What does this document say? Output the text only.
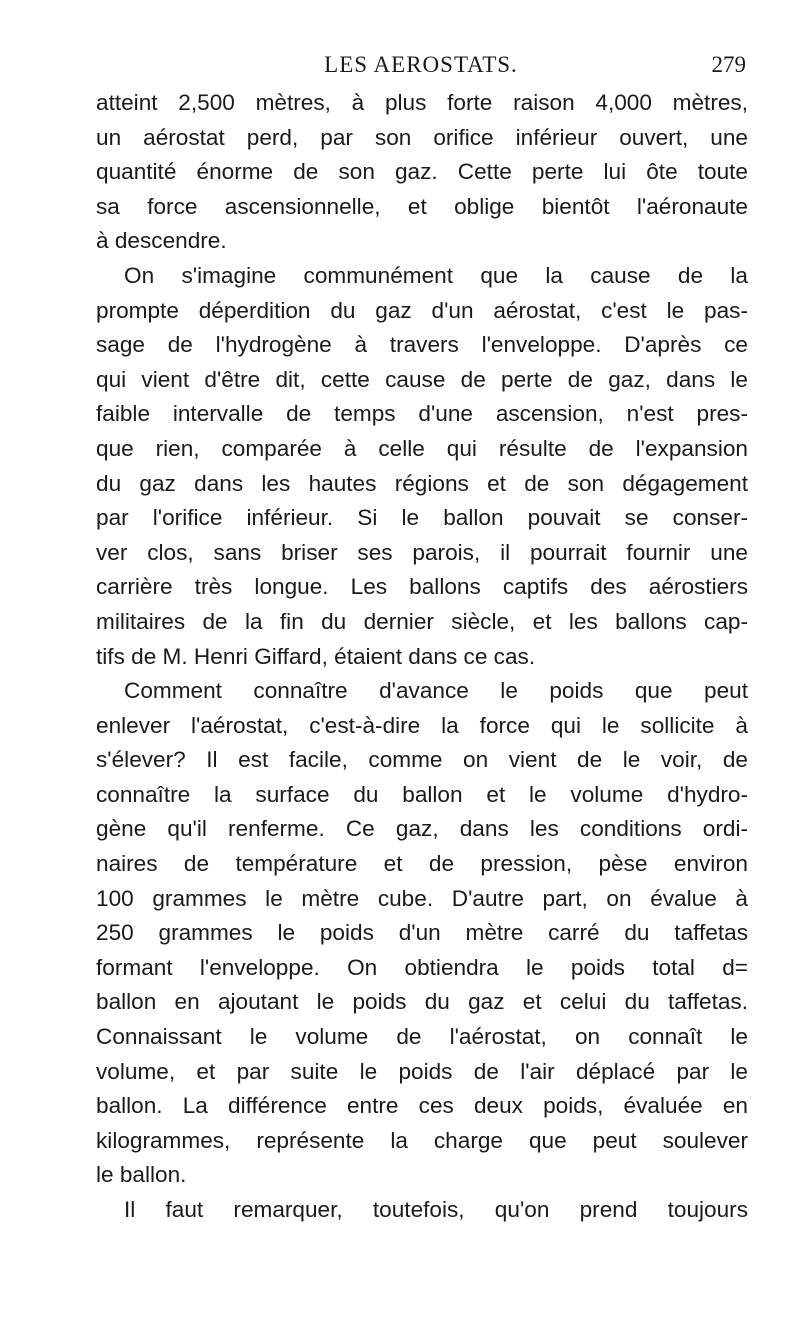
LES AEROSTATS.	279
atteint 2,500 mètres, à plus forte raison 4,000 mètres,
un aérostat perd, par son orifice inférieur ouvert, une
quantité énorme de son gaz. Cette perte lui ôte toute
sa force ascensionnelle, et oblige bientôt l'aéronaute
à descendre.
On s'imagine communément que la cause de la
prompte déperdition du gaz d'un aérostat, c'est le pas-
sage de l'hydrogène à travers l'enveloppe. D'après ce
qui vient d'être dit, cette cause de perte de gaz, dans le
faible intervalle de temps d'une ascension, n'est pres-
que rien, comparée à celle qui résulte de l'expansion
du gaz dans les hautes régions et de son dégagement
par l'orifice inférieur. Si le ballon pouvait se conser-
ver clos, sans briser ses parois, il pourrait fournir une
carrière très longue. Les ballons captifs des aérostiers
militaires de la fin du dernier siècle, et les ballons cap-
tifs de M. Henri Giffard, étaient dans ce cas.
Comment connaître d'avance le poids que peut
enlever l'aérostat, c'est-à-dire la force qui le sollicite à
s'élever? Il est facile, comme on vient de le voir, de
connaître la surface du ballon et le volume d'hydro-
gène qu'il renferme. Ce gaz, dans les conditions ordi-
naires de température et de pression, pèse environ
100 grammes le mètre cube. D'autre part, on évalue à
250 grammes le poids d'un mètre carré du taffetas
formant l'enveloppe. On obtiendra le poids total d=
ballon en ajoutant le poids du gaz et celui du taffetas.
Connaissant le volume de l'aérostat, on connaît le
volume, et par suite le poids de l'air déplacé par le
ballon. La différence entre ces deux poids, évaluée en
kilogrammes, représente la charge que peut soulever
le ballon.
Il faut remarquer, toutefois, qu'on prend toujours
